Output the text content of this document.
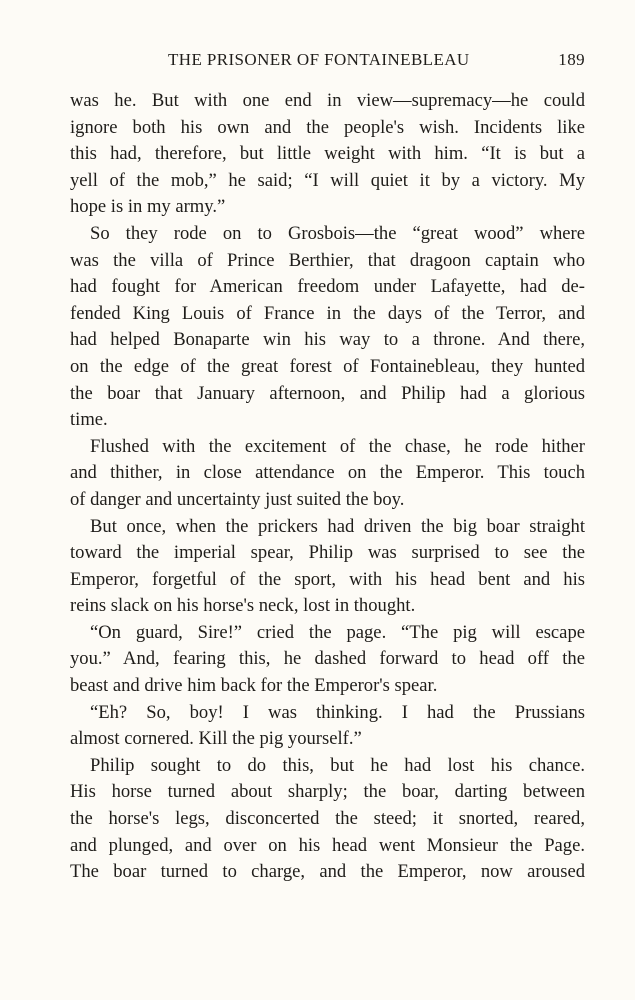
THE PRISONER OF FONTAINEBLEAU	189
was he. But with one end in view—supremacy—he could
ignore both his own and the people's wish. Incidents like
this had, therefore, but little weight with him. “It is but a
yell of the mob,” he said; “I will quiet it by a victory. My
hope is in my army.”
So they rode on to Grosbois—the “great wood” where
was the villa of Prince Berthier, that dragoon captain who
had fought for American freedom under Lafayette, had de-
fended King Louis of France in the days of the Terror, and
had helped Bonaparte win his way to a throne. And there,
on the edge of the great forest of Fontainebleau, they hunted
the boar that January afternoon, and Philip had a glorious
time.
Flushed with the excitement of the chase, he rode hither
and thither, in close attendance on the Emperor. This touch
of danger and uncertainty just suited the boy.
But once, when the prickers had driven the big boar straight
toward the imperial spear, Philip was surprised to see the
Emperor, forgetful of the sport, with his head bent and his
reins slack on his horse's neck, lost in thought.
“On guard, Sire!” cried the page. “The pig will escape
you.” And, fearing this, he dashed forward to head off the
beast and drive him back for the Emperor's spear.
“Eh? So, boy! I was thinking. I had the Prussians
almost cornered. Kill the pig yourself.”
Philip sought to do this, but he had lost his chance.
His horse turned about sharply; the boar, darting between
the horse's legs, disconcerted the steed; it snorted, reared,
and plunged, and over on his head went Monsieur the Page.
The boar turned to charge, and the Emperor, now aroused
